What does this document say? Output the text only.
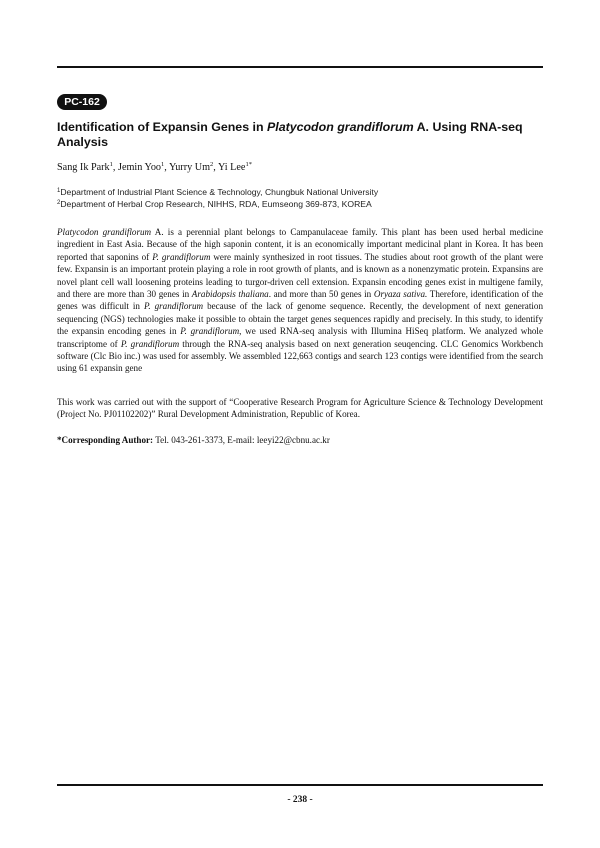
PC-162
Identification of Expansin Genes in Platycodon grandiflorum A. Using RNA-seq Analysis
Sang Ik Park$^1$, Jemin Yoo$^1$, Yurry Um$^2$, Yi Lee$^{1*}$
$^1$Department of Industrial Plant Science & Technology, Chungbuk National University
$^2$Department of Herbal Crop Research, NIHHS, RDA, Eumseong 369-873, KOREA
Platycodon grandiflorum A. is a perennial plant belongs to Campanulaceae family. This plant has been used herbal medicine ingredient in East Asia. Because of the high saponin content, it is an economically important medicinal plant in Korea. It has been reported that saponins of P. grandiflorum were mainly synthesized in root tissues. The studies about root growth of the plant were few. Expansin is an important protein playing a role in root growth of plants, and is known as a nonenzymatic protein. Expansins are novel plant cell wall loosening proteins leading to turgor-driven cell extension. Expansin encoding genes exist in multigene family, and there are more than 30 genes in Arabidopsis thaliana. and more than 50 genes in Oryaza sativa. Therefore, identification of the genes was difficult in P. grandiflorum because of the lack of genome sequence. Recently, the development of next generation sequencing (NGS) technologies make it possible to obtain the target genes sequences rapidly and precisely. In this study, to identify the expansin encoding genes in P. grandiflorum, we used RNA-seq analysis with Illumina HiSeq platform. We analyzed whole transcriptome of P. grandiflorum through the RNA-seq analysis based on next generation seuqencing. CLC Genomics Workbench software (Clc Bio inc.) was used for assembly. We assembled 122,663 contigs and search 123 contigs were identified from the search using 61 expansin gene
This work was carried out with the support of “Cooperative Research Program for Agriculture Science & Technology Development (Project No. PJ01102202)” Rural Development Administration, Republic of Korea.
*Corresponding Author: Tel. 043-261-3373, E-mail: leeyi22@cbnu.ac.kr
- 238 -
